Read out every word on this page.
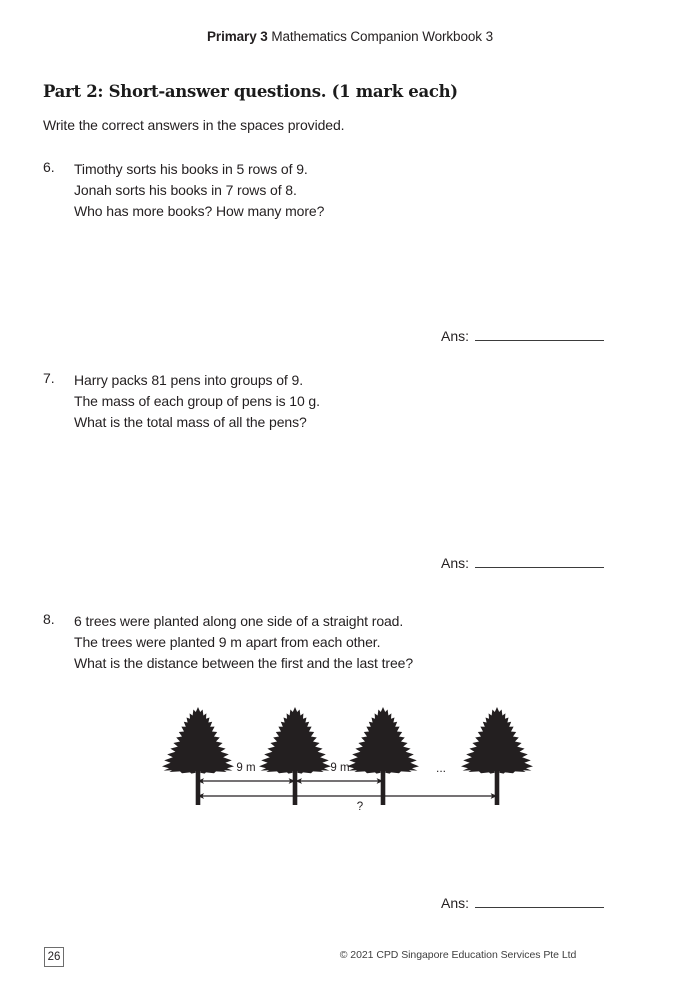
Primary 3 Mathematics Companion Workbook 3
Part 2: Short-answer questions. (1 mark each)
Write the correct answers in the spaces provided.
6.	Timothy sorts his books in 5 rows of 9.
Jonah sorts his books in 7 rows of 8.
Who has more books? How many more?
Ans:
7.	Harry packs 81 pens into groups of 9.
The mass of each group of pens is 10 g.
What is the total mass of all the pens?
Ans:
8.	6 trees were planted along one side of a straight road.
The trees were planted 9 m apart from each other.
What is the distance between the first and the last tree?
9 m	9 m	...
?
Ans:
26	© 2021 CPD Singapore Education Services Pte Ltd
